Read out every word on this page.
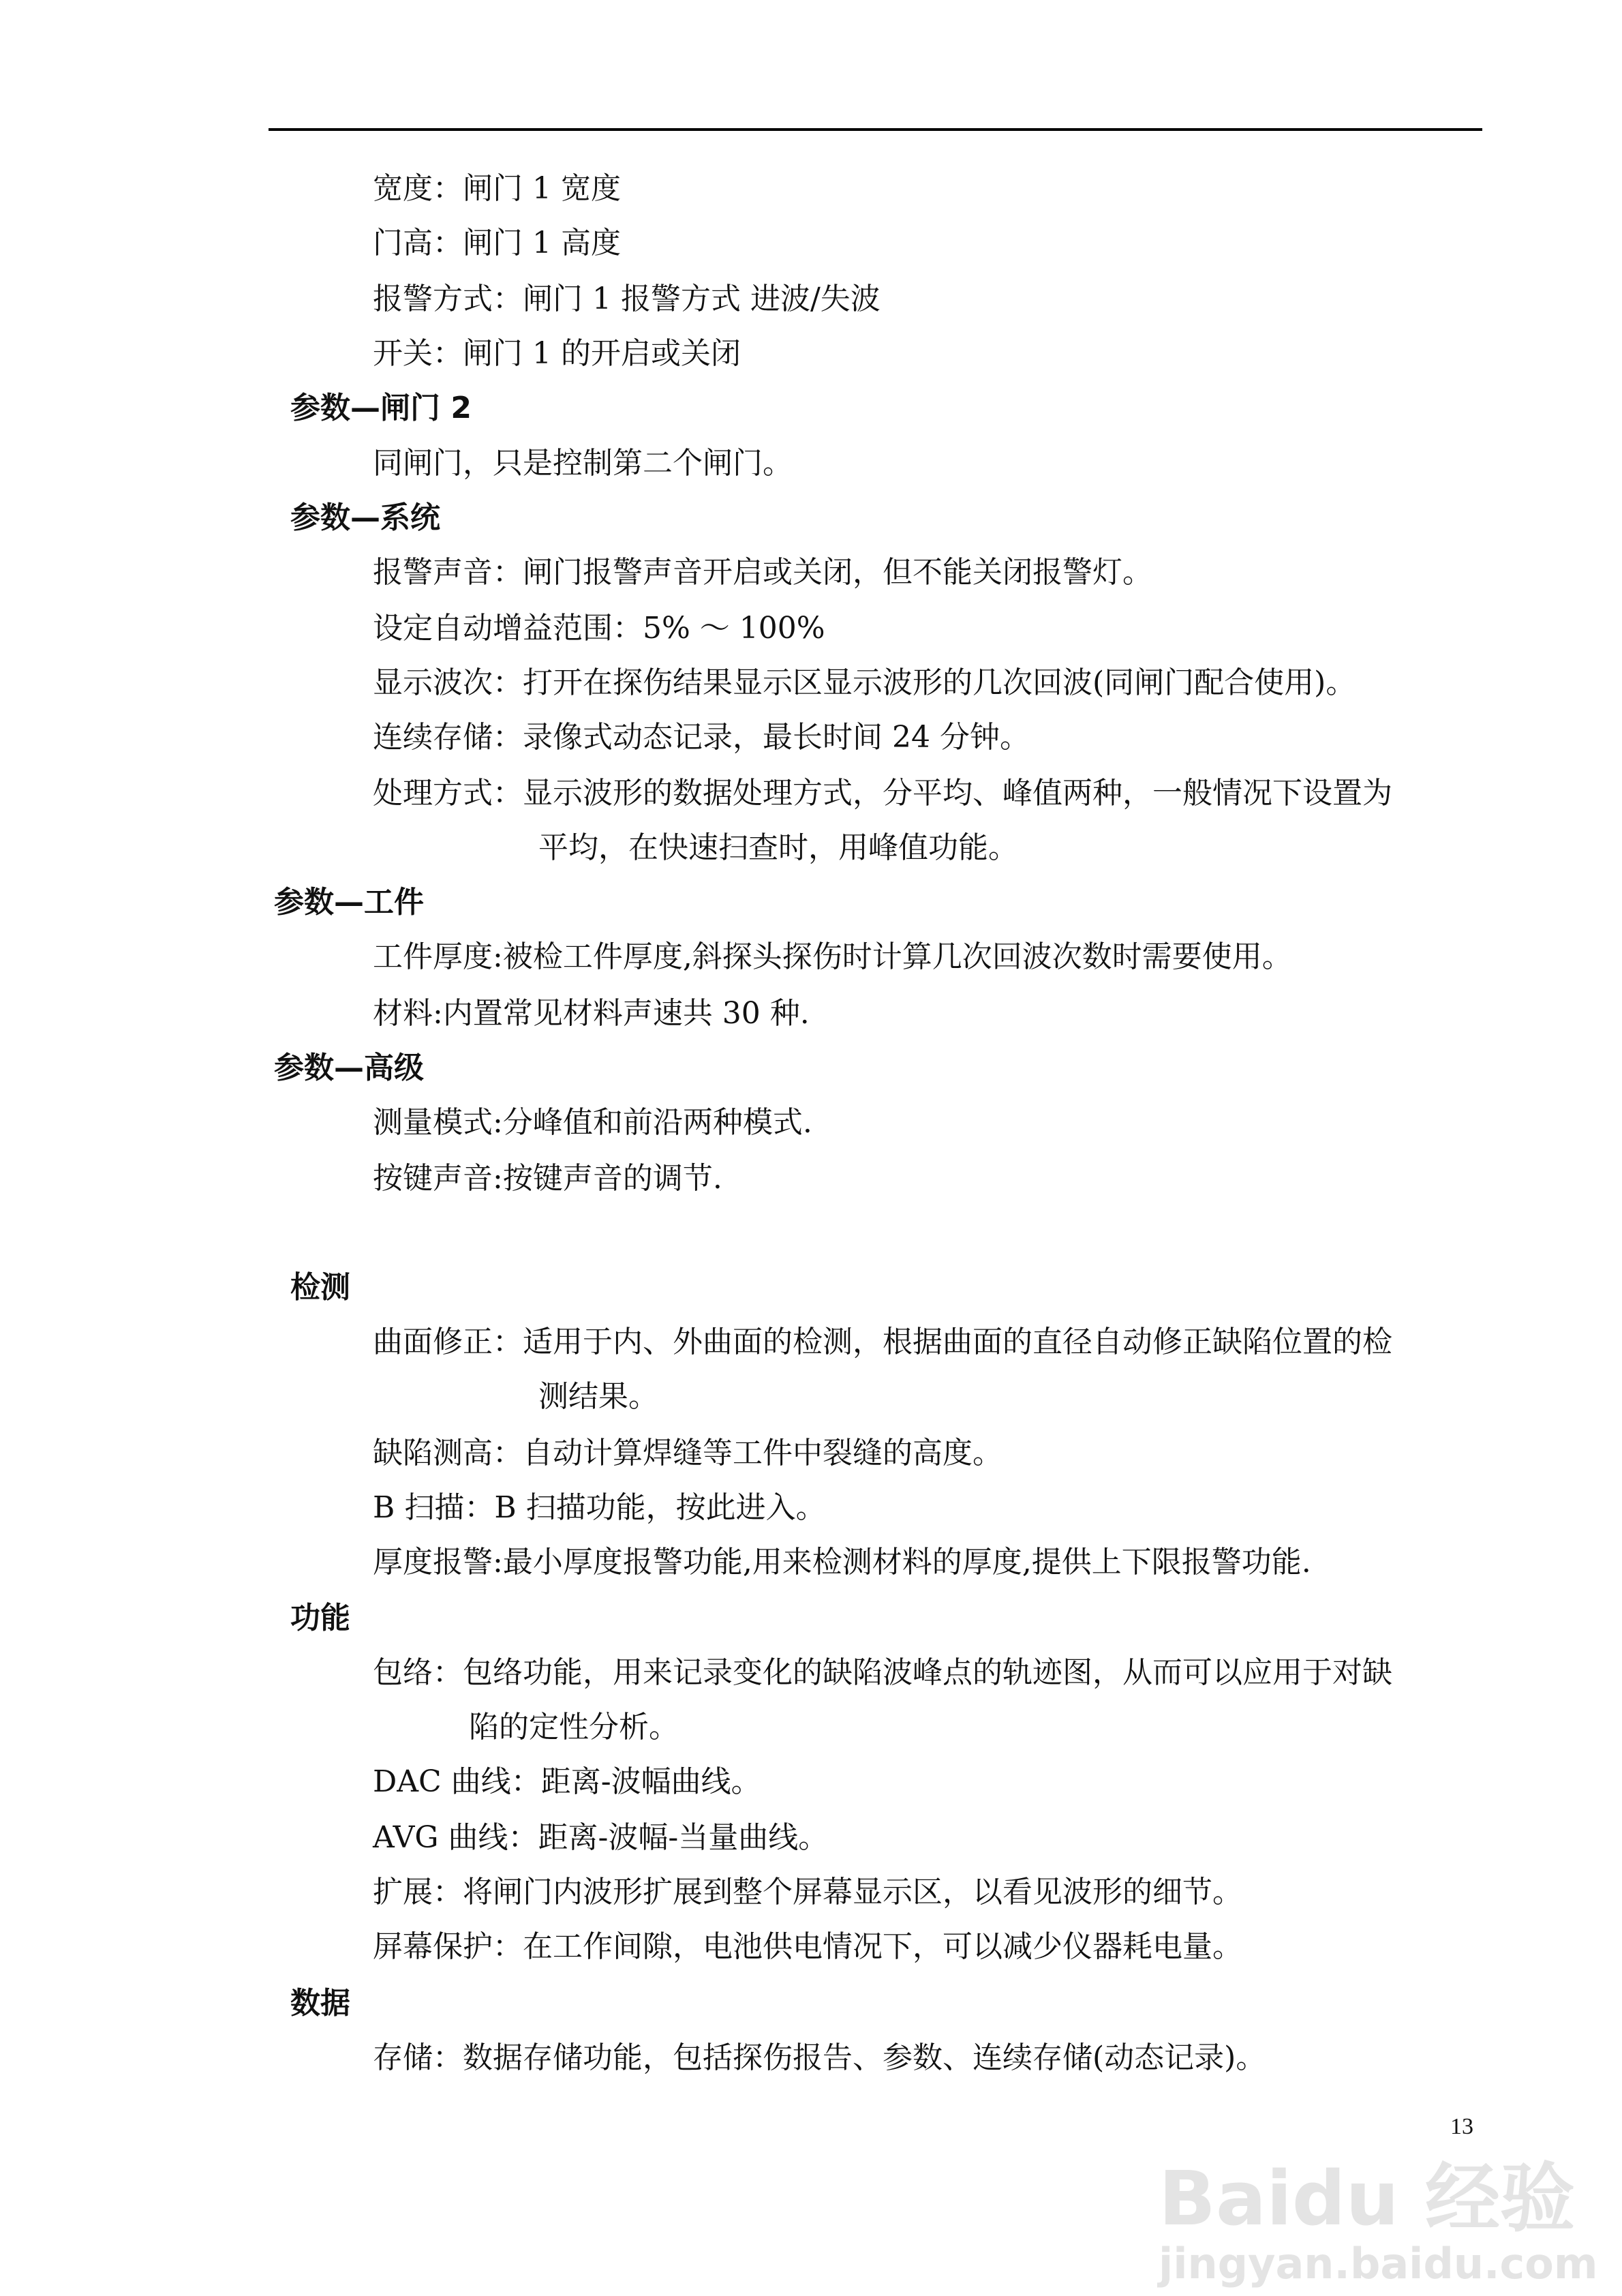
宽度：闸门 1 宽度
门高：闸门 1 高度
报警方式：闸门 1 报警方式 进波/失波
开关：闸门 1 的开启或关闭
参数—闸门 2
同闸门，只是控制第二个闸门。
参数—系统
报警声音：闸门报警声音开启或关闭，但不能关闭报警灯。
设定自动增益范围：5% ～ 100%
显示波次：打开在探伤结果显示区显示波形的几次回波(同闸门配合使用)。
连续存储：录像式动态记录，最长时间 24 分钟。
处理方式：显示波形的数据处理方式，分平均、峰值两种，一般情况下设置为
平均，在快速扫查时，用峰值功能。
参数—工件
工件厚度:被检工件厚度,斜探头探伤时计算几次回波次数时需要使用。
材料:内置常见材料声速共 30 种.
参数—高级
测量模式:分峰值和前沿两种模式.
按键声音:按键声音的调节.
检测
曲面修正：适用于内、外曲面的检测，根据曲面的直径自动修正缺陷位置的检
测结果。
缺陷测高：自动计算焊缝等工件中裂缝的高度。
B 扫描：B 扫描功能，按此进入。
厚度报警:最小厚度报警功能,用来检测材料的厚度,提供上下限报警功能.
功能
包络：包络功能，用来记录变化的缺陷波峰点的轨迹图，从而可以应用于对缺
陷的定性分析。
DAC 曲线：距离-波幅曲线。
AVG 曲线：距离-波幅-当量曲线。
扩展：将闸门内波形扩展到整个屏幕显示区，以看见波形的细节。
屏幕保护：在工作间隙，电池供电情况下，可以减少仪器耗电量。
数据
存储：数据存储功能，包括探伤报告、参数、连续存储(动态记录)。
13
Baidu 经验
jingyan.baidu.com
